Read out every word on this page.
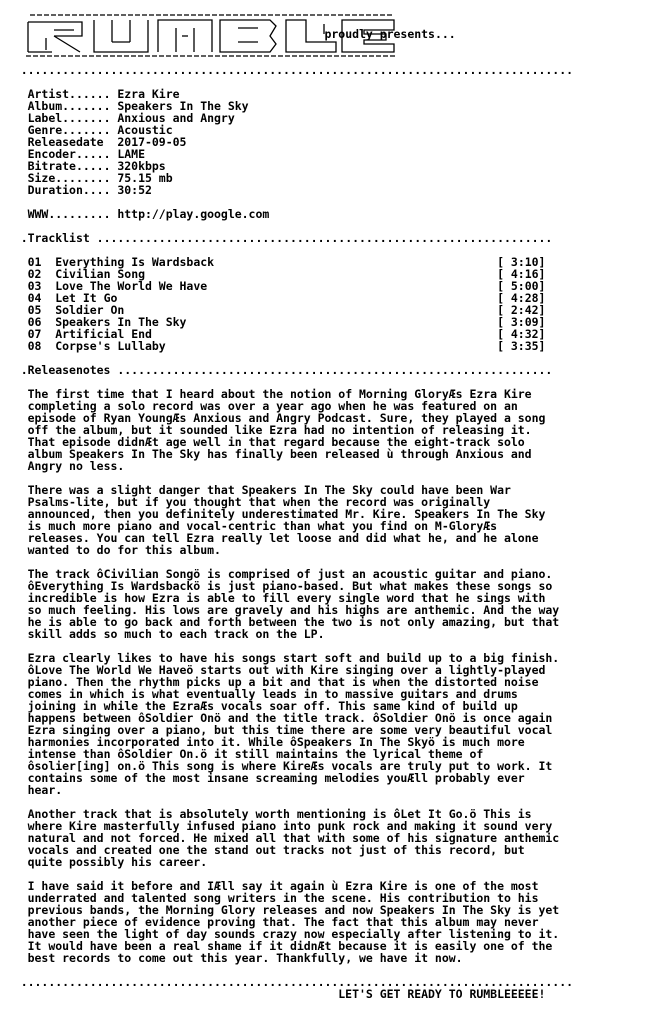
proudly presents...

................................................................................

Artist...... Ezra Kire
Album....... Speakers In The Sky
Label....... Anxious and Angry
Genre....... Acoustic
Releasedate 2017-09-05
Encoder..... LAME
Bitrate..... 320kbps
Size........ 75.15 mb
Duration.... 30:52

WWW......... http://play.google.com

.Tracklist ..................................................................

01 Everything Is Wardsback	[ 3:10]
02 Civilian Song	[ 4:16]
03 Love The World We Have	[ 5:00]
04 Let It Go	[ 4:28]
05 Soldier On	[ 2:42]
06 Speakers In The Sky	[ 3:09]
07 Artificial End	[ 4:32]
08 Corpse's Lullaby	[ 3:35]

.Releasenotes ...............................................................

The first time that I heard about the notion of Morning GloryÆs Ezra Kire
completing a solo record was over a year ago when he was featured on an
episode of Ryan YoungÆs Anxious and Angry Podcast. Sure, they played a song
off the album, but it sounded like Ezra had no intention of releasing it.
That episode didnÆt age well in that regard because the eight-track solo
album Speakers In The Sky has finally been released ù through Anxious and
Angry no less.

There was a slight danger that Speakers In The Sky could have been War
Psalms-lite, but if you thought that when the record was originally
announced, then you definitely underestimated Mr. Kire. Speakers In The Sky
is much more piano and vocal-centric than what you find on M-GloryÆs
releases. You can tell Ezra really let loose and did what he, and he alone
wanted to do for this album.

The track ôCivilian Songö is comprised of just an acoustic guitar and piano.
ôEverything Is Wardsbackö is just piano-based. But what makes these songs so
incredible is how Ezra is able to fill every single word that he sings with
so much feeling. His lows are gravely and his highs are anthemic. And the way
he is able to go back and forth between the two is not only amazing, but that
skill adds so much to each track on the LP.

Ezra clearly likes to have his songs start soft and build up to a big finish.
ôLove The World We Haveö starts out with Kire singing over a lightly-played
piano. Then the rhythm picks up a bit and that is when the distorted noise
comes in which is what eventually leads in to massive guitars and drums
joining in while the EzraÆs vocals soar off. This same kind of build up
happens between ôSoldier Onö and the title track. ôSoldier Onö is once again
Ezra singing over a piano, but this time there are some very beautiful vocal
harmonies incorporated into it. While ôSpeakers In The Skyö is much more
intense than ôSoldier On.ö it still maintains the lyrical theme of
ôsolier[ing] on.ö This song is where KireÆs vocals are truly put to work. It
contains some of the most insane screaming melodies youÆll probably ever
hear.

Another track that is absolutely worth mentioning is ôLet It Go.ö This is
where Kire masterfully infused piano into punk rock and making it sound very
natural and not forced. He mixed all that with some of his signature anthemic
vocals and created one the stand out tracks not just of this record, but
quite possibly his career.

I have said it before and IÆll say it again ù Ezra Kire is one of the most
underrated and talented song writers in the scene. His contribution to his
previous bands, the Morning Glory releases and now Speakers In The Sky is yet
another piece of evidence proving that. The fact that this album may never
have seen the light of day sounds crazy now especially after listening to it.
It would have been a real shame if it didnÆt because it is easily one of the
best records to come out this year. Thankfully, we have it now.

................................................................................
LET'S GET READY TO RUMBLEEEEE!
